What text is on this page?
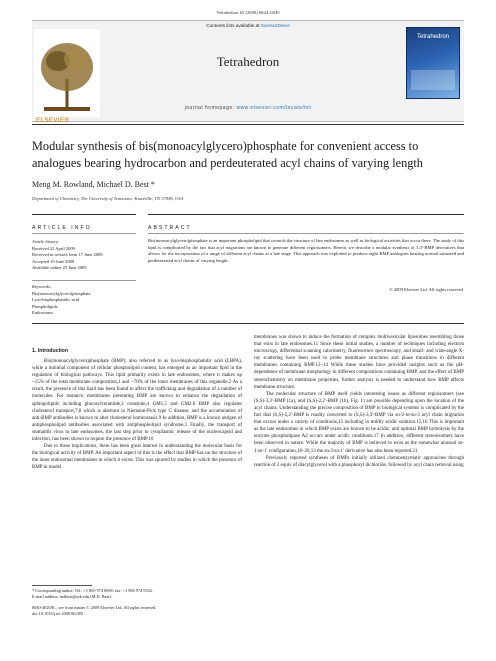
Tetrahedron 65 (2009) 6844–6849
Contents lists available at ScienceDirect
ELSEVIER
Tetrahedron
journal homepage: www.elsevier.com/locate/tet
Tetrahedron
Modular synthesis of bis(monoacylglycero)phosphate for convenient access to analogues bearing hydrocarbon and perdeuterated acyl chains of varying length
Meng M. Rowland, Michael D. Best *
Department of Chemistry, The University of Tennessee, Knoxville, TN 37996, USA
ARTICLE INFO	ABSTRACT
Article history:
Received 22 April 2009
Received in revised form 17 June 2009
Accepted 19 June 2009
Available online 25 June 2009
Keywords:
Bis(monoacylglycero)phosphate
Lyso-bisphosphatidic acid
Phospholipids
Endosomes
Bis(monoacylglycero)phosphate is an important phospholipid that controls the structure of late endosomes as well as biological activities that occur there. The study of this lipid is complicated by the fact that acyl migrations are known to generate different regioisomers. Herein, we describe a modular synthesis of 3,3′-BMP derivatives that allows for the incorporation of a range of different acyl chains at a late stage. This approach was exploited to produce eight BMP analogues bearing normal saturated and perdeuterated acyl chains of varying length.
© 2009 Elsevier Ltd. All rights reserved.
1. Introduction

Bis(monoacylglycero)phosphate (BMP), also referred to as lyso-bisphosphatidic acid (LBPA), while a minimal component of cellular phospholipid content, has emerged as an important lipid in the regulation of biological pathways. This lipid primarily exists in late endosomes, where it makes up ~15% of the total membrane composition,1 and ~70% of the inner membranes of this organelle.2 As a result, the presence of this lipid has been found to affect the trafficking and degradation of a number of molecules. For instance, membranes presenting BMP are known to enhance the degradation of sphingolipids including glucosylceramide,3 ceramide,4 GM1,5 and GM2.6 BMP also regulates cholesterol transport,7,8 which is aberrant in Niemann-Pick type C disease, and the accumulation of anti-BMP antibodies is known to alter cholesterol homeostasis.9 In addition, BMP is a known antigen of antiphospholipid antibodies associated with antiphospholipid syndrome.1 Finally, the transport of stomatitis virus to late endosomes, the last step prior to cytoplasmic release of the nucleocapsid and infection, has been shown to require the presence of BMP.10

Due to these implications, there has been great interest in understanding the molecular basis for the biological activity of BMP. An important aspect of this is the effect that BMP has on the structure of the inner endosomal membranes in which it exists. This was spurred by studies in which the presence of BMP in model

membranes was shown to induce the formation of complex multivesicular liposomes resembling those that exist in late endosomes.11 Since these initial studies, a number of techniques including electron microscopy, differential scanning calorimetry, fluorescence spectroscopy, and small- and wide-angle X-ray scattering have been used to probe membrane structures and phase transitions in different membranes containing BMP.12–14 While these studies have provided insights such as the pH-dependence of membrane morphology in different compositions containing BMP, and the effect of BMP stereochemistry on membrane properties, further analysis is needed to understand how BMP affects membrane structure.

The molecular structure of BMP itself yields interesting issues as different regioisomers (see (S,S)-3,3′-BMP (1a), and (S,S)-2,2′-BMP (1b), Fig. 1) are possible depending upon the location of the acyl chains. Understanding the precise composition of BMP in biological systems is complicated by the fact that (S,S)-2,2′-BMP is readily converted to (S,S)-3,3′-BMP via sn-2-to-sn-3 acyl chain migration that occurs under a variety of conditions,15 including in mildly acidic solution.15,16 This is important as the late endosomes in which BMP exists are known to be acidic, and optimal BMP hydrolysis by the enzyme phospholipase A2 occurs under acidic conditions.17 In addition, different stereoisomers have been observed in nature. While the majority of BMP is believed to exist as the somewhat unusual sn-1:sn-1′ configuration,18–20,13 the sn-3:sn-1′ derivative has also been reported.21

Previously reported syntheses of BMPs initially utilized chemoenzymatic approaches through reaction of 2 equiv of diacylglycerol with a phosphoryl dichloride, followed by acyl chain removal using

* Corresponding author. Tel.: +1 865 974 8658; fax: +1 865 974 9332.
E-mail address: mdbest@utk.edu (M.D. Best).
0040-4020/$ – see front matter © 2009 Elsevier Ltd. All rights reserved.
doi:10.1016/j.tet.2009.06.085
